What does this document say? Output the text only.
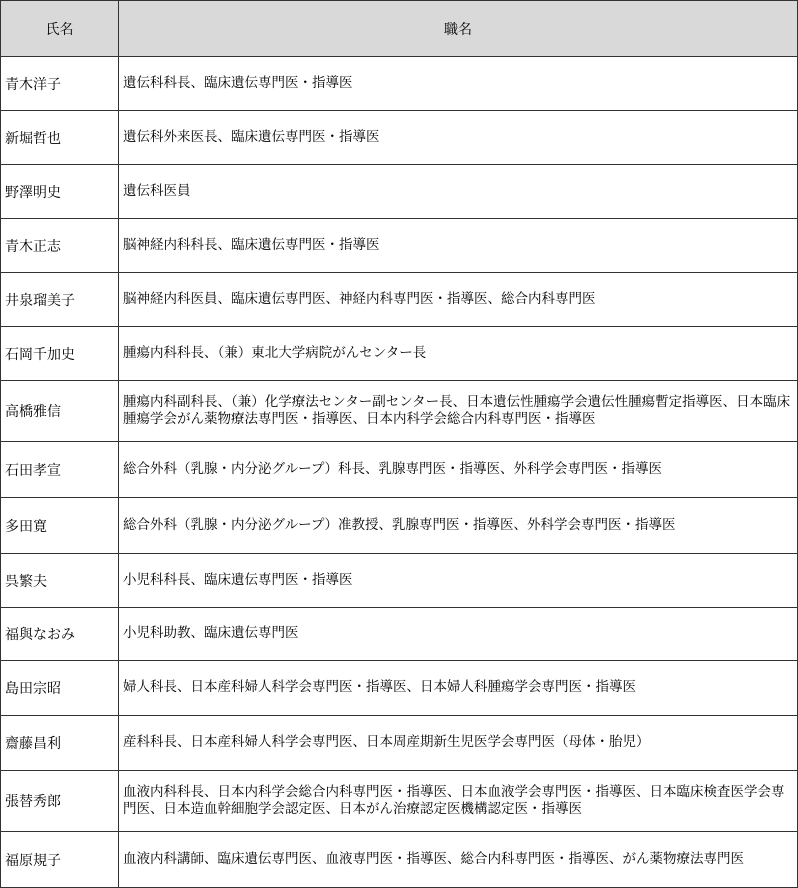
氏名	職名
青木洋子	遺伝科科長、臨床遺伝専門医・指導医
新堀哲也	遺伝科外来医長、臨床遺伝専門医・指導医
野澤明史	遺伝科医員
青木正志	脳神経内科科長、臨床遺伝専門医・指導医
井泉瑠美子	脳神経内科医員、臨床遺伝専門医、神経内科専門医・指導医、総合内科専門医
石岡千加史	腫瘍内科科長、（兼）東北大学病院がんセンター長
高橋雅信	腫瘍内科副科長、（兼）化学療法センター副センター長、日本遺伝性腫瘍学会遺伝性腫瘍暫定指導医、日本臨床腫瘍学会がん薬物療法専門医・指導医、日本内科学会総合内科専門医・指導医
石田孝宣	総合外科（乳腺・内分泌グループ）科長、乳腺専門医・指導医、外科学会専門医・指導医
多田寛	総合外科（乳腺・内分泌グループ）准教授、乳腺専門医・指導医、外科学会専門医・指導医
呉繁夫	小児科科長、臨床遺伝専門医・指導医
福與なおみ	小児科助教、臨床遺伝専門医
島田宗昭	婦人科長、日本産科婦人科学会専門医・指導医、日本婦人科腫瘍学会専門医・指導医
齋藤昌利	産科科長、日本産科婦人科学会専門医、日本周産期新生児医学会専門医（母体・胎児）
張替秀郎	血液内科科長、日本内科学会総合内科専門医・指導医、日本血液学会専門医・指導医、日本臨床検査医学会専門医、日本造血幹細胞学会認定医、日本がん治療認定医機構認定医・指導医
福原規子	血液内科講師、臨床遺伝専門医、血液専門医・指導医、総合内科専門医・指導医、がん薬物療法専門医
